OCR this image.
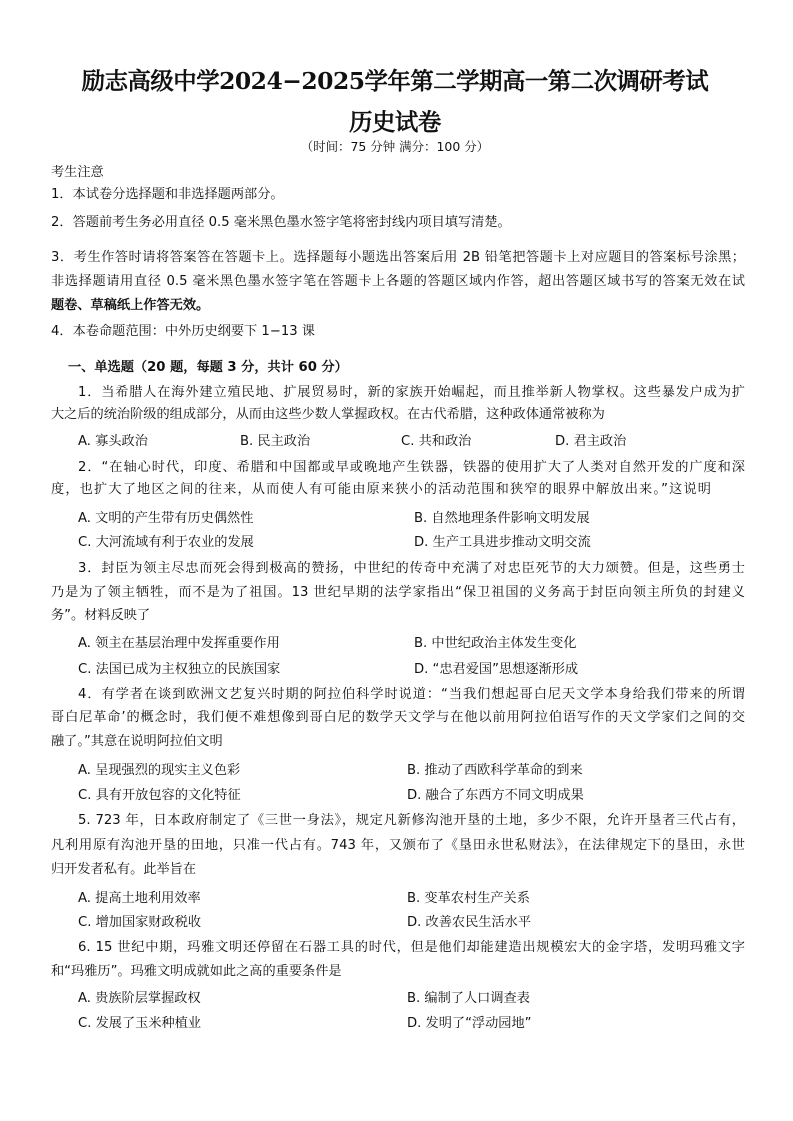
励志高级中学2024−2025学年第二学期高一第二次调研考试
历史试卷
（时间：75 分钟 满分：100 分）
考生注意
1．本试卷分选择题和非选择题两部分。
2．答题前考生务必用直径 0.5 毫米黑色墨水签字笔将密封线内项目填写清楚。
3．考生作答时请将答案答在答题卡上。选择题每小题选出答案后用 2B 铅笔把答题卡上对应题目的答案标号涂黑；
非选择题请用直径 0.5 毫米黑色墨水签字笔在答题卡上各题的答题区域内作答，超出答题区域书写的答案无效在试
题卷、草稿纸上作答无效。
4．本卷命题范围：中外历史纲要下 1−13 课
一、单选题（20 题，每题 3 分，共计 60 分）
1．当希腊人在海外建立殖民地、扩展贸易时，新的家族开始崛起，而且推举新人物掌权。这些暴发户成为扩
大之后的统治阶级的组成部分，从而由这些少数人掌握政权。在古代希腊，这种政体通常被称为
A. 寡头政治	B. 民主政治	C. 共和政治	D. 君主政治
2．“在轴心时代，印度、希腊和中国都或早或晚地产生铁器，铁器的使用扩大了人类对自然开发的广度和深
度，也扩大了地区之间的往来，从而使人有可能由原来狭小的活动范围和狭窄的眼界中解放出来。”这说明
A. 文明的产生带有历史偶然性	B. 自然地理条件影响文明发展
C. 大河流域有利于农业的发展	D. 生产工具进步推动文明交流
3．封臣为领主尽忠而死会得到极高的赞扬，中世纪的传奇中充满了对忠臣死节的大力颂赞。但是，这些勇士
乃是为了领主牺牲，而不是为了祖国。13 世纪早期的法学家指出“保卫祖国的义务高于封臣向领主所负的封建义
务”。材料反映了
A. 领主在基层治理中发挥重要作用	B. 中世纪政治主体发生变化
C. 法国已成为主权独立的民族国家	D. “忠君爱国”思想逐渐形成
4．有学者在谈到欧洲文艺复兴时期的阿拉伯科学时说道：“当我们想起哥白尼天文学本身给我们带来的所谓
哥白尼革命’的概念时，我们便不难想像到哥白尼的数学天文学与在他以前用阿拉伯语写作的天文学家们之间的交
融了。”其意在说明阿拉伯文明
A. 呈现强烈的现实主义色彩	B. 推动了西欧科学革命的到来
C. 具有开放包容的文化特征	D. 融合了东西方不同文明成果
5. 723 年，日本政府制定了《三世一身法》，规定凡新修沟池开垦的土地，多少不限，允许开垦者三代占有，
凡利用原有沟池开垦的田地，只准一代占有。743 年，又颁布了《垦田永世私财法》，在法律规定下的垦田，永世
归开发者私有。此举旨在
A. 提高土地利用效率	B. 变革农村生产关系
C. 增加国家财政税收	D. 改善农民生活水平
6. 15 世纪中期，玛雅文明还停留在石器工具的时代，但是他们却能建造出规模宏大的金字塔，发明玛雅文字
和“玛雅历”。玛雅文明成就如此之高的重要条件是
A. 贵族阶层掌握政权	B. 编制了人口调查表
C. 发展了玉米种植业	D. 发明了“浮动园地”
